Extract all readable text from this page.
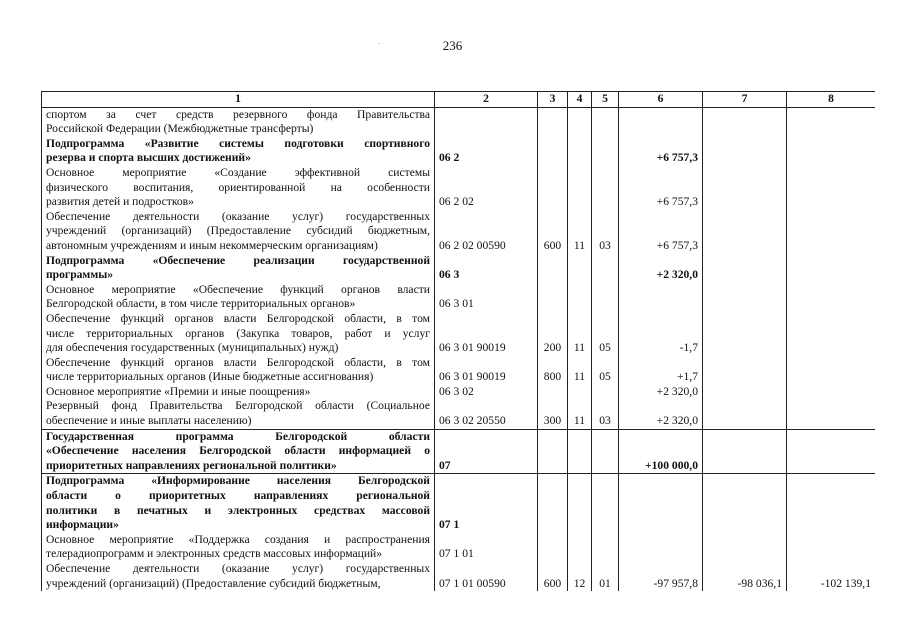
236
·
1	2	3	4	5	6	7	8

спортом за счет средств резервного фонда Правительства
Российской Федерации (Межбюджетные трансферты)							

Подпрограмма «Развитие системы подготовки спортивного
резерва и спорта высших достижений»	06 2				+6 757,3		

Основное мероприятие «Создание эффективной системы
физического воспитания, ориентированной на особенности
развития детей и подростков»	06 2 02				+6 757,3		

Обеспечение деятельности (оказание услуг) государственных
учреждений (организаций) (Предоставление субсидий бюджетным,
автономным учреждениям и иным некоммерческим организациям)	06 2 02 00590	600	11	03	+6 757,3		

Подпрограмма «Обеспечение реализации государственной
программы»	06 3				+2 320,0		

Основное мероприятие «Обеспечение функций органов власти
Белгородской области, в том числе территориальных органов»	06 3 01						

Обеспечение функций органов власти Белгородской области, в том
числе территориальных органов (Закупка товаров, работ и услуг
для обеспечения государственных (муниципальных) нужд)	06 3 01 90019	200	11	05	-1,7		

Обеспечение функций органов власти Белгородской области, в том
числе территориальных органов (Иные бюджетные ассигнования)	06 3 01 90019	800	11	05	+1,7		

Основное мероприятие «Премии и иные поощрения»	06 3 02				+2 320,0		

Резервный фонд Правительства Белгородской области (Социальное
обеспечение и иные выплаты населению)	06 3 02 20550	300	11	03	+2 320,0		

Государственная программа Белгородской области
«Обеспечение населения Белгородской области информацией о
приоритетных направлениях региональной политики»	07				+100 000,0		

Подпрограмма «Информирование населения Белгородской
области о приоритетных направлениях региональной
политики в печатных и электронных средствах массовой
информации»	07 1						

Основное мероприятие «Поддержка создания и распространения
телерадиопрограмм и электронных средств массовых информаций»	07 1 01						

Обеспечение деятельности (оказание услуг) государственных
учреждений (организаций) (Предоставление субсидий бюджетным,	07 1 01 00590	600	12	01	-97 957,8	-98 036,1	-102 139,1
